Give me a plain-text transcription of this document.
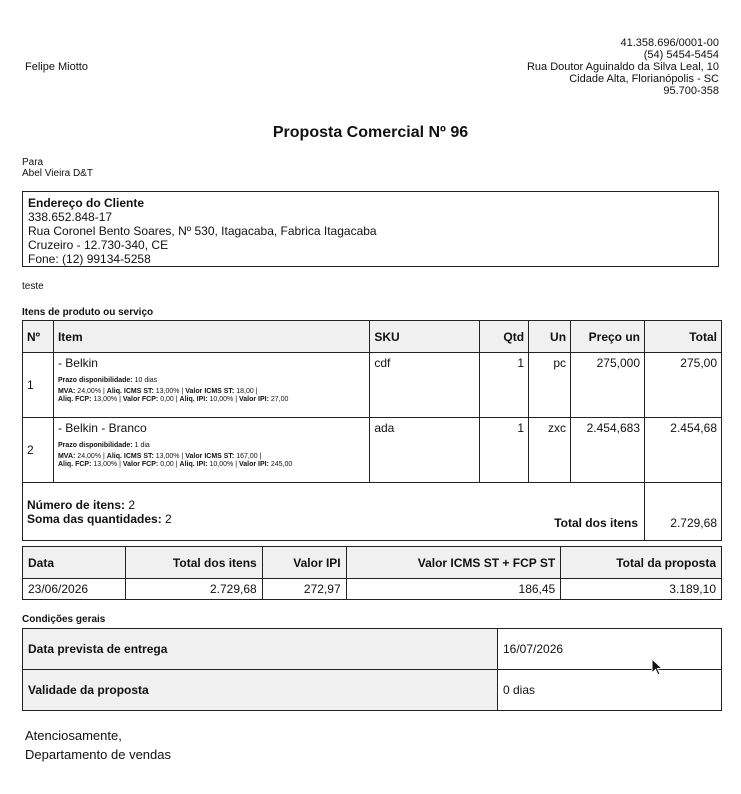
Felipe Miotto
41.358.696/0001-00
(54) 5454-5454
Rua Doutor Aguinaldo da Silva Leal, 10
Cidade Alta, Florianópolis - SC
95.700-358
Proposta Comercial Nº 96
Para
Abel Vieira D&T
Endereço do Cliente
338.652.848-17
Rua Coronel Bento Soares, Nº 530, Itagacaba, Fabrica Itagacaba
Cruzeiro - 12.730-340, CE
Fone: (12) 99134-5258
teste
Itens de produto ou serviço
Nº	Item	SKU	Qtd	Un	Preço un	Total
1	- Belkin
Prazo disponibilidade: 10 dias
MVA: 24,00% | Aliq. ICMS ST: 13,00% | Valor ICMS ST: 18,00 |
Aliq. FCP: 13,00% | Valor FCP: 0,00 | Aliq. IPI: 10,00% | Valor IPI: 27,00	cdf	1	pc	275,000	275,00
2	- Belkin - Branco
Prazo disponibilidade: 1 dia
MVA: 24,00% | Aliq. ICMS ST: 13,00% | Valor ICMS ST: 167,00 |
Aliq. FCP: 13,00% | Valor FCP: 0,00 | Aliq. IPI: 10,00% | Valor IPI: 245,00	ada	1	zxc	2.454,683	2.454,68

Número de itens: 2
Soma das quantidades: 2 Total dos itens						2.729,68
Data	Total dos itens	Valor IPI	Valor ICMS ST + FCP ST	Total da proposta
23/06/2026	2.729,68	272,97	186,45	3.189,10
Condições gerais
Data prevista de entrega	16/07/2026
Validade da proposta	0 dias
Atenciosamente,
Departamento de vendas
